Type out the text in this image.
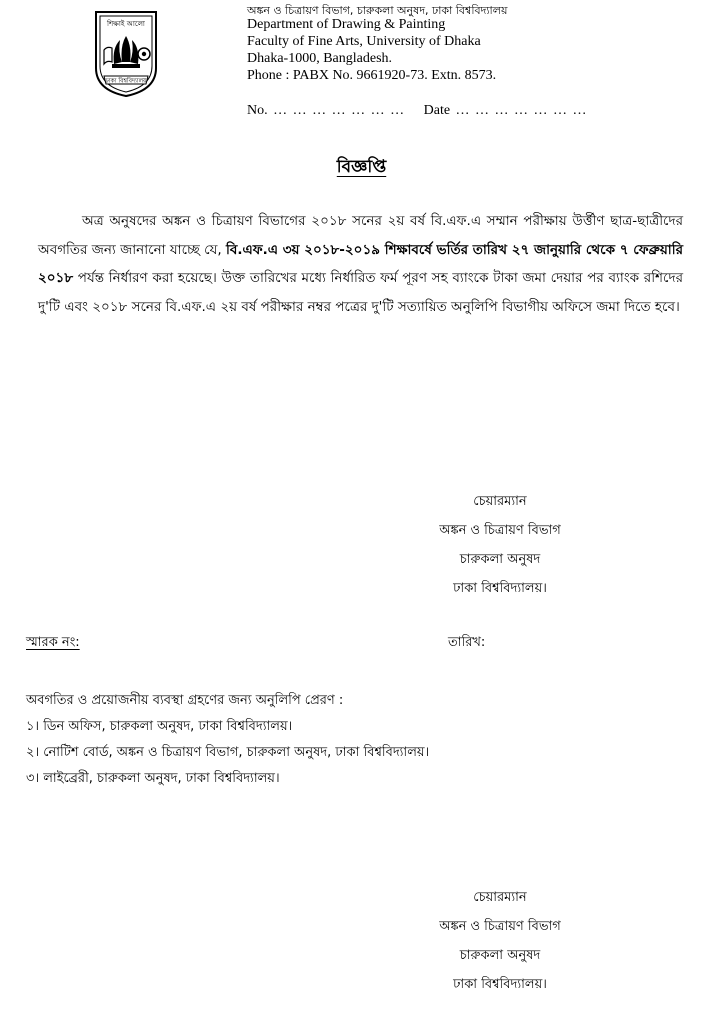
শিক্ষাই আলো
ঢাকা বিশ্ববিদ্যালয়
অঙ্কন ও চিত্রায়ণ বিভাগ, চারুকলা অনুষদ, ঢাকা বিশ্ববিদ্যালয়
Department of Drawing & Painting
Faculty of Fine Arts, University of Dhaka
Dhaka-1000, Bangladesh.
Phone : PABX No. 9661920-73. Extn. 8573.
No. … … … … … … … Date … … … … … … …
বিজ্ঞপ্তি
অত্র অনুষদের অঙ্কন ও চিত্রায়ণ বিভাগের ২০১৮ সনের ২য় বর্ষ বি.এফ.এ সম্মান পরীক্ষায় উর্ত্তীণ ছাত্র-ছাত্রীদের অবগতির জন্য জানানো যাচ্ছে যে, বি.এফ.এ ৩য় ২০১৮-২০১৯ শিক্ষাবর্ষে ভর্তির তারিখ ২৭ জানুয়ারি থেকে ৭ ফেব্রুয়ারি ২০১৮ পর্যন্ত নির্ধারণ করা হয়েছে। উক্ত তারিখের মধ্যে নির্ধারিত ফর্ম পূরণ সহ ব্যাংকে টাকা জমা দেয়ার পর ব্যাংক রশিদের দু'টি এবং ২০১৮ সনের বি.এফ.এ ২য় বর্ষ পরীক্ষার নম্বর পত্রের দু'টি সত্যায়িত অনুলিপি বিভাগীয় অফিসে জমা দিতে হবে।
চেয়ারম্যান
অঙ্কন ও চিত্রায়ণ বিভাগ
চারুকলা অনুষদ
ঢাকা বিশ্ববিদ্যালয়।
স্মারক নং:	তারিখ:
অবগতির ও প্রয়োজনীয় ব্যবস্থা গ্রহণের জন্য অনুলিপি প্রেরণ :
১। ডিন অফিস, চারুকলা অনুষদ, ঢাকা বিশ্ববিদ্যালয়।
২। নোটিশ বোর্ড, অঙ্কন ও চিত্রায়ণ বিভাগ, চারুকলা অনুষদ, ঢাকা বিশ্ববিদ্যালয়।
৩। লাইব্রেরী, চারুকলা অনুষদ, ঢাকা বিশ্ববিদ্যালয়।
চেয়ারম্যান
অঙ্কন ও চিত্রায়ণ বিভাগ
চারুকলা অনুষদ
ঢাকা বিশ্ববিদ্যালয়।
